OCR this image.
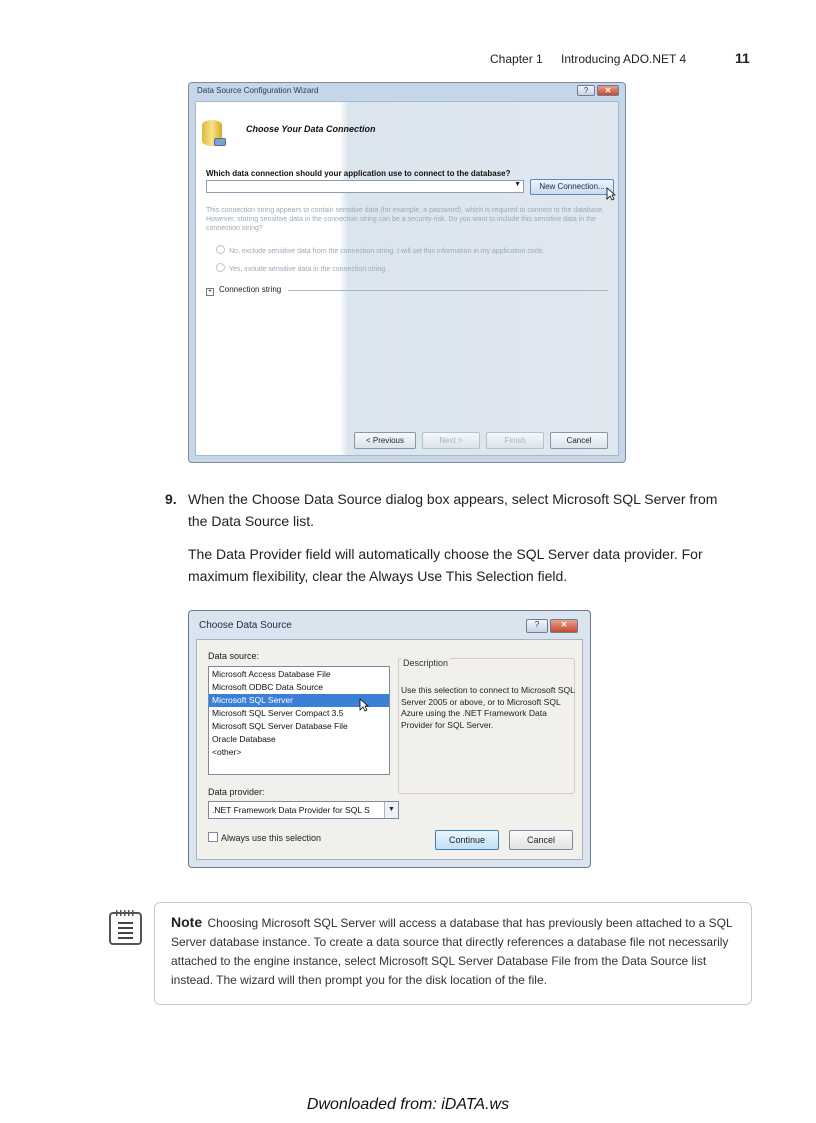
Chapter 1 Introducing ADO.NET 4	11
Data Source Configuration Wizard	?	✕
Choose Your Data Connection
Which data connection should your application use to connect to the database?
▼	New Connection...
This connection string appears to contain sensitive data (for example, a password), which is required to connect to the database. However, storing sensitive data in the connection string can be a security risk. Do you want to include this sensitive data in the connection string?
No, exclude sensitive data from the connection string. I will set this information in my application code.
Yes, include sensitive data in the connection string.
+ Connection string
< Previous	Next >	Finish	Cancel
9. When the Choose Data Source dialog box appears, select Microsoft SQL Server from the Data Source list.
The Data Provider field will automatically choose the SQL Server data provider. For maximum flexibility, clear the Always Use This Selection field.
Choose Data Source	?	✕
Data source:
Microsoft Access Database File
Microsoft ODBC Data Source
Microsoft SQL Server
Microsoft SQL Server Compact 3.5
Microsoft SQL Server Database File
Oracle Database
<other>
Description
Use this selection to connect to Microsoft SQL Server 2005 or above, or to Microsoft SQL Azure using the .NET Framework Data Provider for SQL Server.
Data provider:
.NET Framework Data Provider for SQL S	▼
Always use this selection	Continue	Cancel
Note Choosing Microsoft SQL Server will access a database that has previously been attached to a SQL Server database instance. To create a data source that directly references a database file not necessarily attached to the engine instance, select Microsoft SQL Server Database File from the Data Source list instead. The wizard will then prompt you for the disk location of the file.
Dwonloaded from: iDATA.ws
